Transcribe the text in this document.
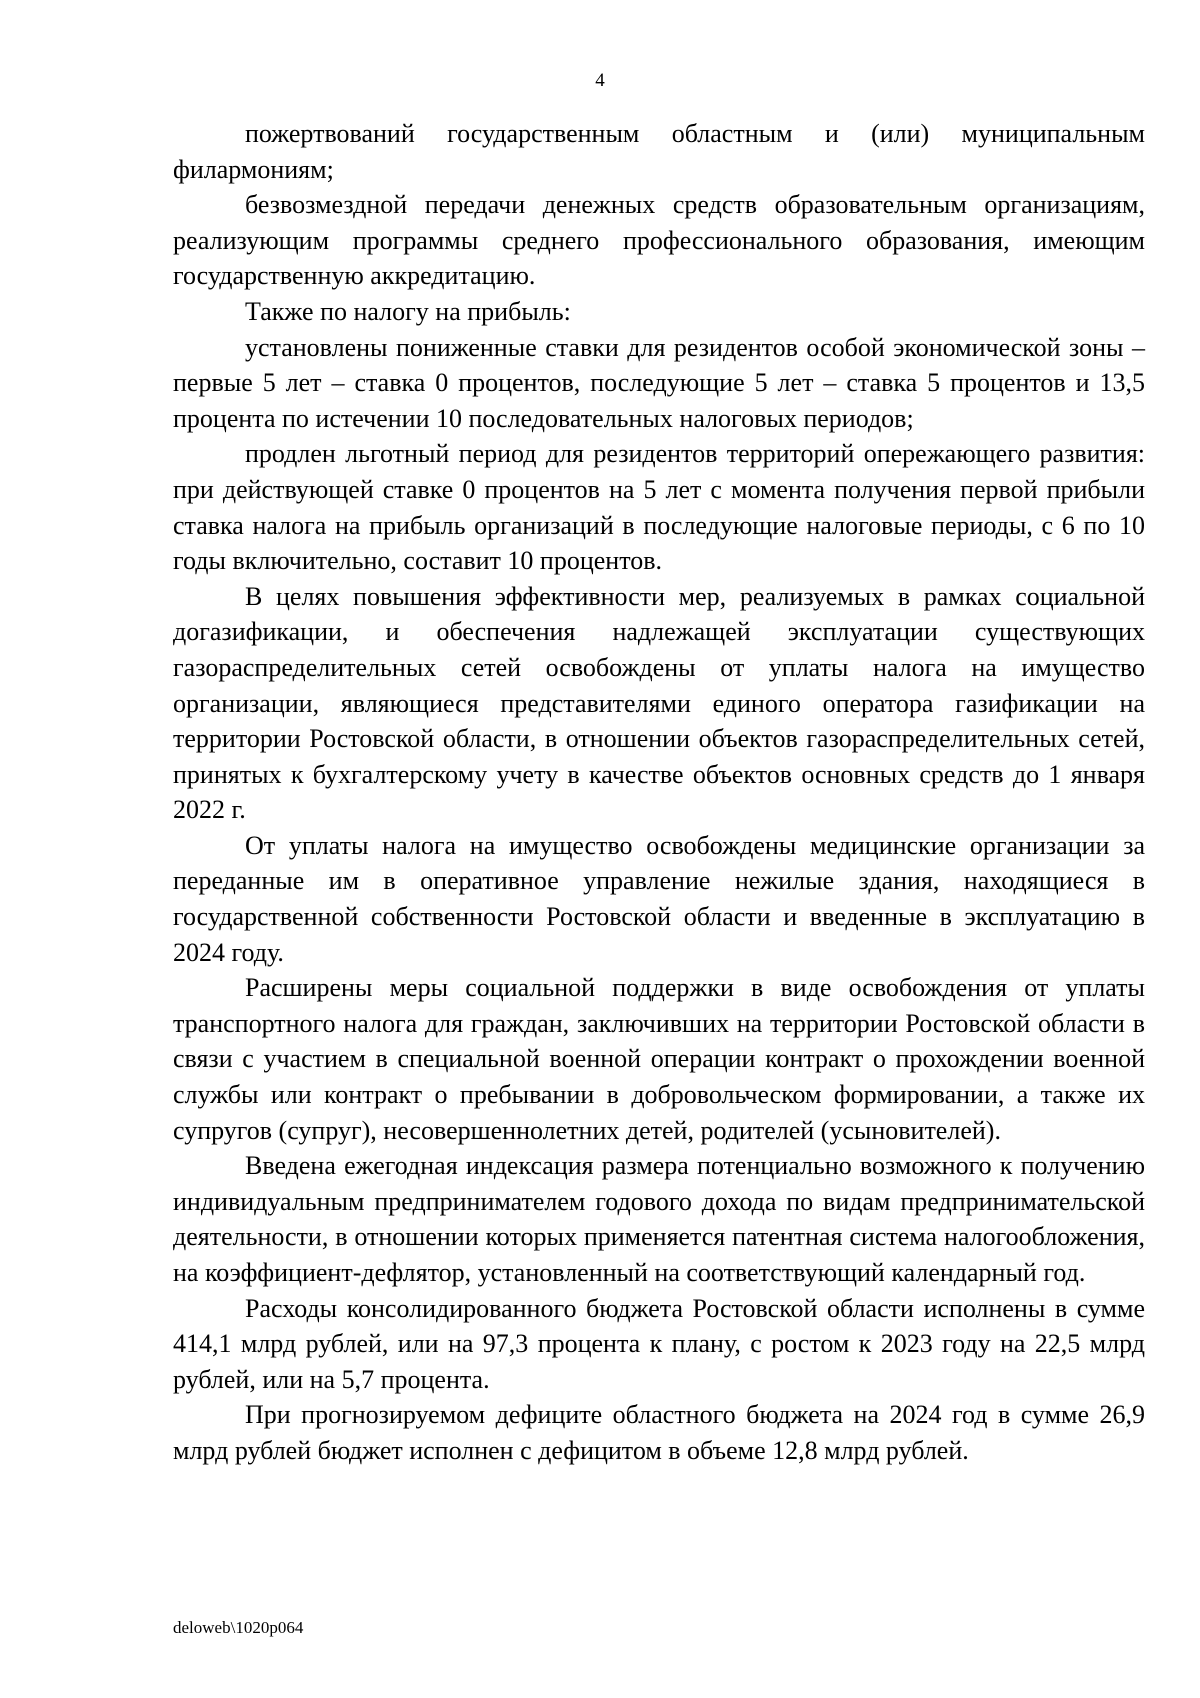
4

пожертвований государственным областным и (или) муниципальным филармониям;

безвозмездной передачи денежных средств образовательным организациям, реализующим программы среднего профессионального образования, имеющим государственную аккредитацию.

Также по налогу на прибыль:

установлены пониженные ставки для резидентов особой экономической зоны – первые 5 лет – ставка 0 процентов, последующие 5 лет – ставка 5 процентов и 13,5 процента по истечении 10 последовательных налоговых периодов;

продлен льготный период для резидентов территорий опережающего развития: при действующей ставке 0 процентов на 5 лет с момента получения первой прибыли ставка налога на прибыль организаций в последующие налоговые периоды, с 6 по 10 годы включительно, составит 10 процентов.

В целях повышения эффективности мер, реализуемых в рамках социальной догазификации, и обеспечения надлежащей эксплуатации существующих газораспределительных сетей освобождены от уплаты налога на имущество организации, являющиеся представителями единого оператора газификации на территории Ростовской области, в отношении объектов газораспределительных сетей, принятых к бухгалтерскому учету в качестве объектов основных средств до 1 января 2022 г.

От уплаты налога на имущество освобождены медицинские организации за переданные им в оперативное управление нежилые здания, находящиеся в государственной собственности Ростовской области и введенные в эксплуатацию в 2024 году.

Расширены меры социальной поддержки в виде освобождения от уплаты транспортного налога для граждан, заключивших на территории Ростовской области в связи с участием в специальной военной операции контракт о прохождении военной службы или контракт о пребывании в добровольческом формировании, а также их супругов (супруг), несовершеннолетних детей, родителей (усыновителей).

Введена ежегодная индексация размера потенциально возможного к получению индивидуальным предпринимателем годового дохода по видам предпринимательской деятельности, в отношении которых применяется патентная система налогообложения, на коэффициент-дефлятор, установленный на соответствующий календарный год.

Расходы консолидированного бюджета Ростовской области исполнены в сумме 414,1 млрд рублей, или на 97,3 процента к плану, с ростом к 2023 году на 22,5 млрд рублей, или на 5,7 процента.

При прогнозируемом дефиците областного бюджета на 2024 год в сумме 26,9 млрд рублей бюджет исполнен с дефицитом в объеме 12,8 млрд рублей.

deloweb\1020p064
